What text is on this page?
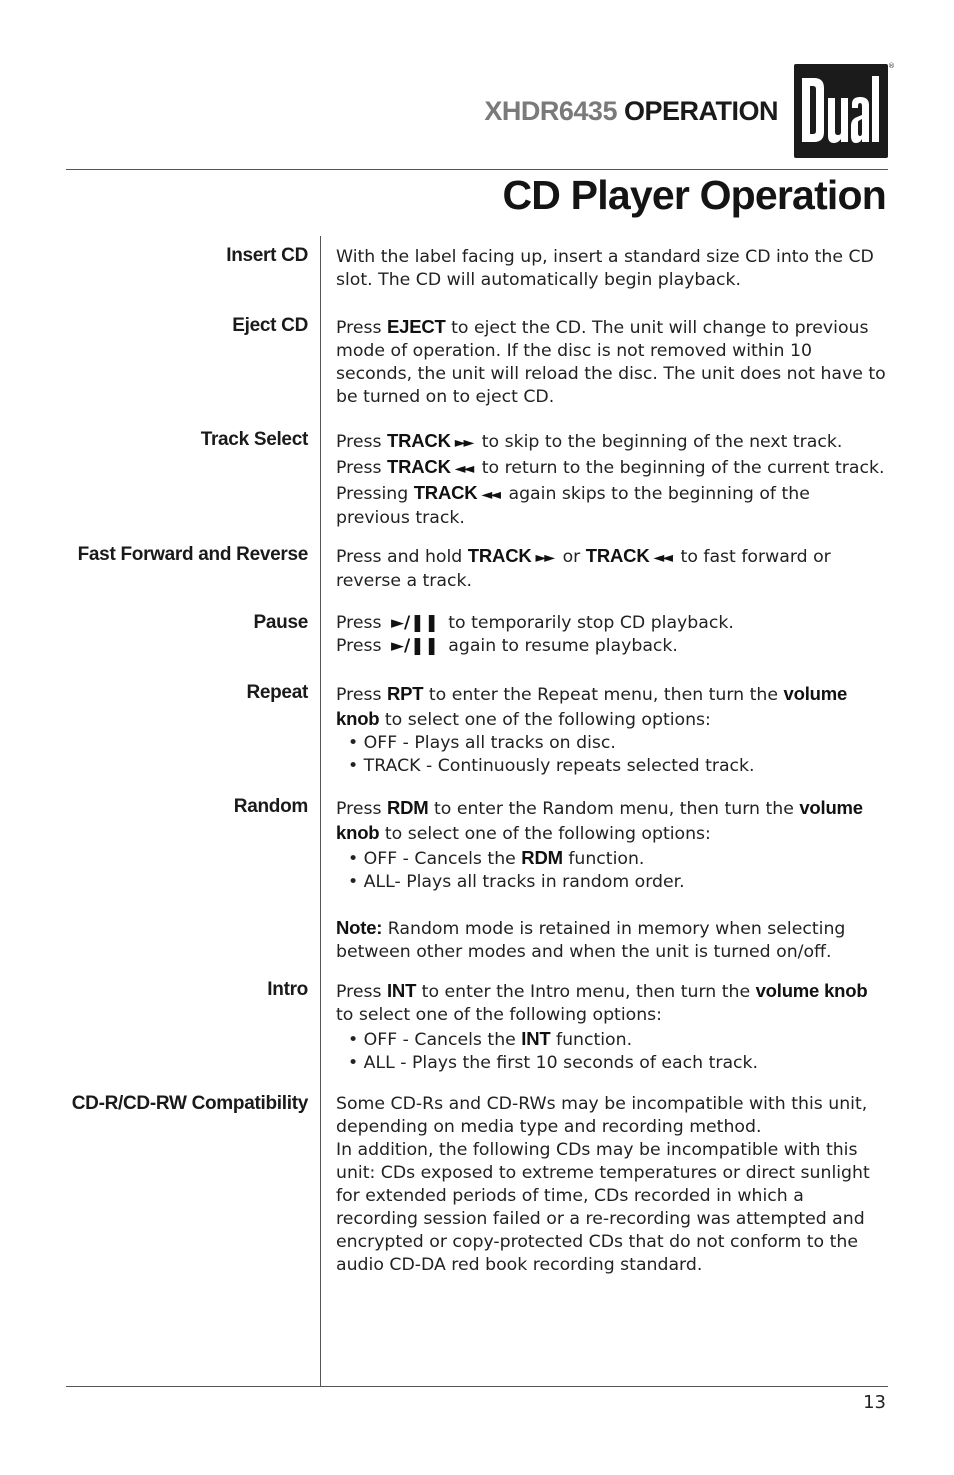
XHDR6435 OPERATION
®
CD Player Operation
Insert CD With the label facing up, insert a standard size CD into the CD slot. The CD will automatically begin playback.

Eject CD Press EJECT to eject the CD. The unit will change to previous mode of operation. If the disc is not removed within 10 seconds, the unit will reload the disc. The unit does not have to be turned on to eject CD.

Track Select Press TRACK ►► to skip to the beginning of the next track. Press TRACK ◄◄ to return to the beginning of the current track. Pressing TRACK ◄◄ again skips to the beginning of the previous track.

Fast Forward and Reverse Press and hold TRACK ►► or TRACK ◄◄ to fast forward or reverse a track.

Pause Press ►/❚❚ to temporarily stop CD playback.

Press ►/❚❚ again to resume playback.

Repeat Press RPT to enter the Repeat menu, then turn the volume knob to select one of the following options:

• OFF - Plays all tracks on disc.

• TRACK - Continuously repeats selected track.

Random Press RDM to enter the Random menu, then turn the volume knob to select one of the following options:

• OFF - Cancels the RDM function.

• ALL- Plays all tracks in random order.

Note: Random mode is retained in memory when selecting between other modes and when the unit is turned on/off.

Intro Press INT to enter the Intro menu, then turn the volume knob to select one of the following options:

• OFF - Cancels the INT function.

• ALL - Plays the first 10 seconds of each track.

CD-R/CD-RW Compatibility Some CD-Rs and CD-RWs may be incompatible with this unit, depending on media type and recording method.

In addition, the following CDs may be incompatible with this unit: CDs exposed to extreme temperatures or direct sunlight for extended periods of time, CDs recorded in which a recording session failed or a re-recording was attempted and encrypted or copy-protected CDs that do not conform to the audio CD-DA red book recording standard.

13
